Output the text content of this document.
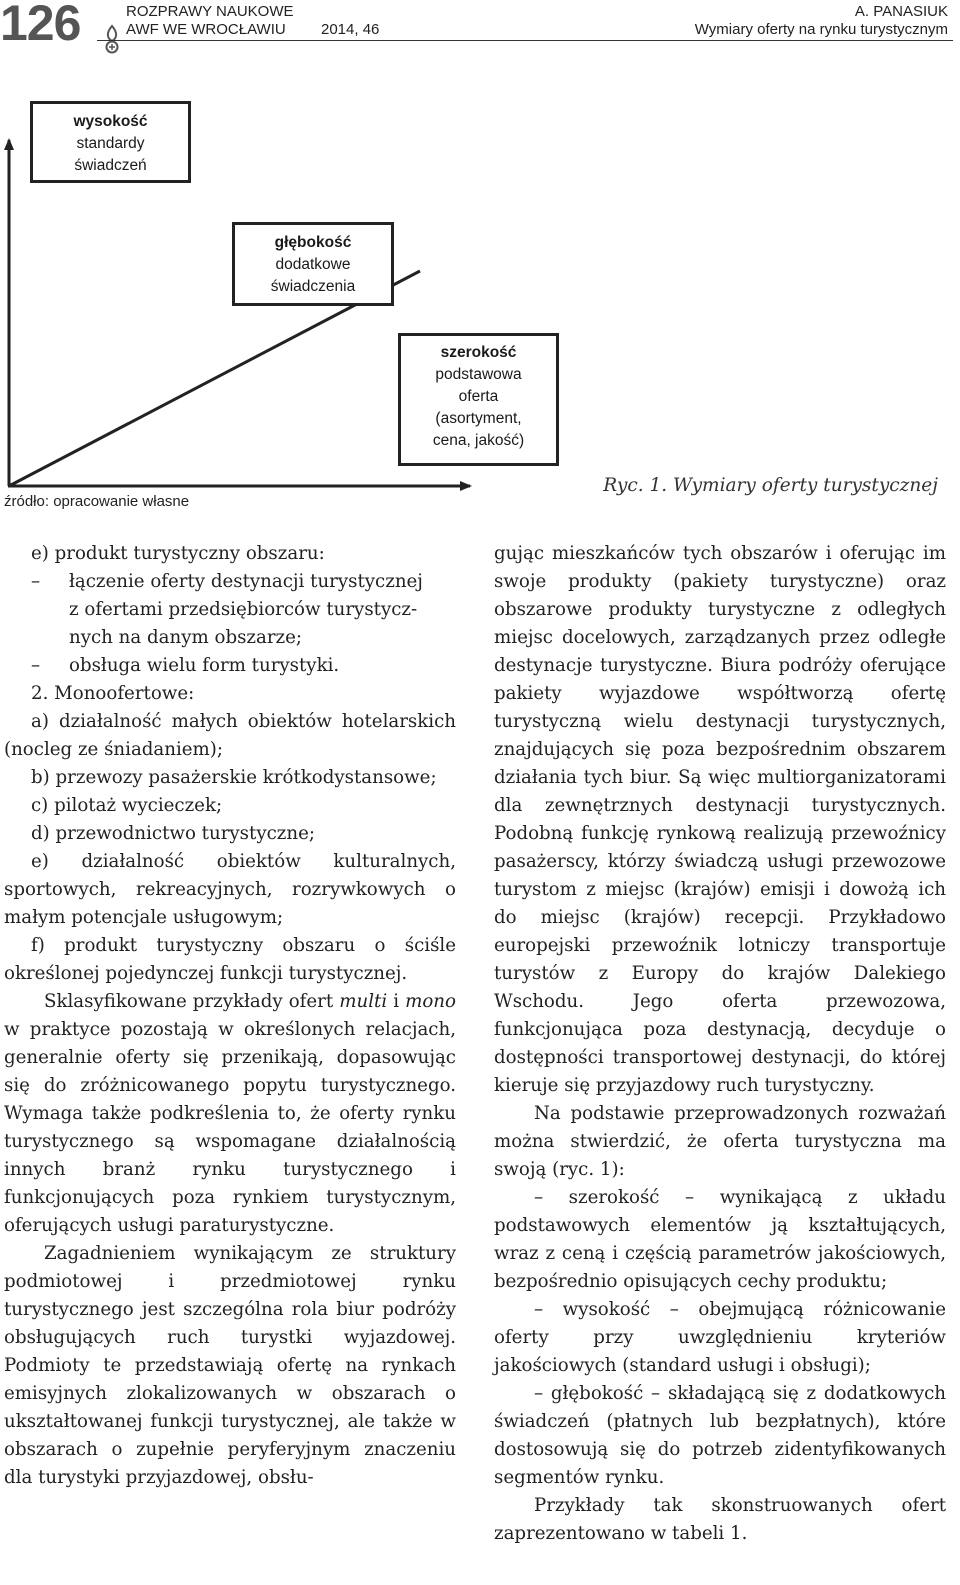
126	ROZPRAWY NAUKOWE
AWF WE WROCŁAWIU 2014, 46
A. PANASIUK
Wymiary oferty na rynku turystycznym
wysokość
standardy
świadczeń
głębokość
dodatkowe
świadczenia
szerokość
podstawowa
oferta
(asortyment,
cena, jakość)
źródło: opracowanie własne
Ryc. 1. Wymiary oferty turystycznej

e) produkt turystyczny obszaru:

–	łączenie oferty destynacji turystycznej

z ofertami przedsiębiorców turystycz-

nych na danym obszarze;

–	obsługa wielu form turystyki.

2. Monoofertowe:

a) działalność małych obiektów hotelarskich (nocleg ze śniadaniem);

b) przewozy pasażerskie krótkodystansowe;

c) pilotaż wycieczek;

d) przewodnictwo turystyczne;

e) działalność obiektów kulturalnych, sportowych, rekreacyjnych, rozrywkowych o małym potencjale usługowym;

f) produkt turystyczny obszaru o ściśle określonej pojedynczej funkcji turystycznej.

Sklasyfikowane przykłady ofert multi i mono w praktyce pozostają w określonych relacjach, generalnie oferty się przenikają, dopasowując się do zróżnicowanego popytu turystycznego. Wymaga także podkreślenia to, że oferty rynku turystycznego są wspomagane działalnością innych branż rynku turystycznego i funkcjonujących poza rynkiem turystycznym, oferujących usługi paraturystyczne.

Zagadnieniem wynikającym ze struktury podmiotowej i przedmiotowej rynku turystycznego jest szczególna rola biur podróży obsługujących ruch turystki wyjazdowej. Podmioty te przedstawiają ofertę na rynkach emisyjnych zlokalizowanych w obszarach o ukształtowanej funkcji turystycznej, ale także w obszarach o zupełnie peryferyjnym znaczeniu dla turystyki przyjazdowej, obsłu-

gując mieszkańców tych obszarów i oferując im swoje produkty (pakiety turystyczne) oraz obszarowe produkty turystyczne z odległych miejsc docelowych, zarządzanych przez odległe destynacje turystyczne. Biura podróży oferujące pakiety wyjazdowe współtworzą ofertę turystyczną wielu destynacji turystycznych, znajdujących się poza bezpośrednim obszarem działania tych biur. Są więc multiorganizatorami dla zewnętrznych destynacji turystycznych. Podobną funkcję rynkową realizują przewoźnicy pasażerscy, którzy świadczą usługi przewozowe turystom z miejsc (krajów) emisji i dowożą ich do miejsc (krajów) recepcji. Przykładowo europejski przewoźnik lotniczy transportuje turystów z Europy do krajów Dalekiego Wschodu. Jego oferta przewozowa, funkcjonująca poza destynacją, decyduje o dostępności transportowej destynacji, do której kieruje się przyjazdowy ruch turystyczny.

Na podstawie przeprowadzonych rozważań można stwierdzić, że oferta turystyczna ma swoją (ryc. 1):

– szerokość – wynikającą z układu podstawowych elementów ją kształtujących, wraz z ceną i częścią parametrów jakościowych, bezpośrednio opisujących cechy produktu;

– wysokość – obejmującą różnicowanie oferty przy uwzględnieniu kryteriów jakościowych (standard usługi i obsługi);

– głębokość – składającą się z dodatkowych świadczeń (płatnych lub bezpłatnych), które dostosowują się do potrzeb zidentyfikowanych segmentów rynku.

Przykłady tak skonstruowanych ofert zaprezentowano w tabeli 1.
